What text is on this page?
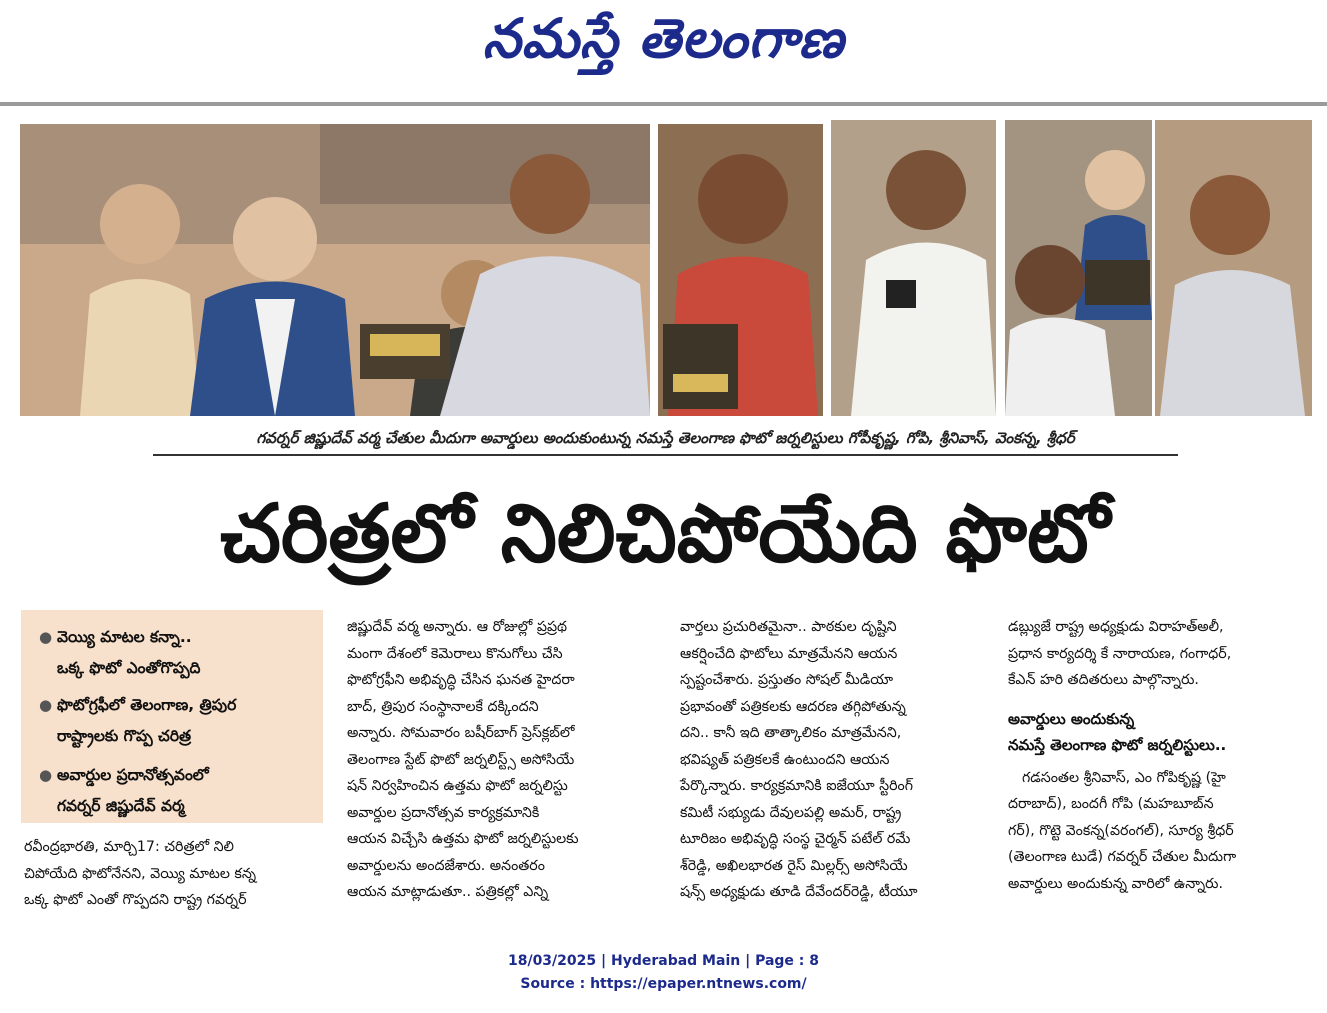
నమస్తే తెలంగాణ
గవర్నర్ జిష్ణుదేవ్ వర్మ చేతుల మీదుగా అవార్డులు అందుకుంటున్న నమస్తే తెలంగాణ ఫొటో జర్నలిస్టులు గోపీకృష్ణ, గోపి, శ్రీనివాస్, వెంకన్న, శ్రీధర్
చరిత్రలో నిలిచిపోయేది ఫొటో
● వెయ్యి మాటల కన్నా..
ఒక్క ఫొటో ఎంతోగొప్పది
● ఫొటోగ్రఫీలో తెలంగాణ, త్రిపుర
రాష్ట్రాలకు గొప్ప చరిత్ర
● అవార్డుల ప్రదానోత్సవంలో
గవర్నర్ జిష్ణుదేవ్ వర్మ

రవీంద్రభారతి, మార్చి17: చరిత్రలో నిలి

చిపోయేది ఫొటోనేనని, వెయ్యి మాటల కన్న

ఒక్క ఫొటో ఎంతో గొప్పదని రాష్ట్ర గవర్నర్

జిష్ణుదేవ్ వర్మ అన్నారు. ఆ రోజుల్లో ప్రప్రథ

మంగా దేశంలో కెమెరాలు కొనుగోలు చేసి

ఫొటోగ్రఫీని అభివృద్ధి చేసిన ఘనత హైదరా

బాద్, త్రిపుర సంస్థానాలకే దక్కిందని

అన్నారు. సోమవారం బషీర్‌బాగ్ ప్రెస్‌క్లబ్‌లో

తెలంగాణ స్టేట్ ఫొటో జర్నలిస్ట్స్ అసోసియే

షన్ నిర్వహించిన ఉత్తమ ఫొటో జర్నలిస్టు

అవార్డుల ప్రదానోత్సవ కార్యక్రమానికి

ఆయన విచ్చేసి ఉత్తమ ఫొటో జర్నలిస్టులకు

అవార్డులను అందజేశారు. అనంతరం

ఆయన మాట్లాడుతూ.. పత్రికల్లో ఎన్ని

వార్తలు ప్రచురితమైనా.. పాఠకుల దృష్టిని

ఆకర్షించేది ఫొటోలు మాత్రమేనని ఆయన

స్పష్టంచేశారు. ప్రస్తుతం సోషల్ మీడియా

ప్రభావంతో పత్రికలకు ఆదరణ తగ్గిపోతున్న

దని.. కానీ ఇది తాత్కాలికం మాత్రమేనని,

భవిష్యత్ పత్రికలకే ఉంటుందని ఆయన

పేర్కొన్నారు. కార్యక్రమానికి ఐజేయూ స్టీరింగ్

కమిటీ సభ్యుడు దేవులపల్లి అమర్, రాష్ట్ర

టూరిజం అభివృద్ధి సంస్థ చైర్మన్ పటేల్ రమే

శ్‌రెడ్డి, అఖిలభారత రైస్ మిల్లర్స్ అసోసియే

షన్స్ అధ్యక్షుడు తూడి దేవేందర్‌రెడ్డి, టీయూ

డబ్ల్యుజే రాష్ట్ర అధ్యక్షుడు విరాహత్‌అలీ,

ప్రధాన కార్యదర్శి కే నారాయణ, గంగాధర్,

కేఎన్ హరి తదితరులు పాల్గొన్నారు.

అవార్డులు అందుకున్న

నమస్తే తెలంగాణ ఫొటో జర్నలిస్టులు..

గడసంతల శ్రీనివాస్, ఎం గోపికృష్ణ (హై

దరాబాద్), బందగీ గోపి (మహబూబ్‌న

గర్), గొట్టె వెంకన్న(వరంగల్), సూర్య శ్రీధర్

(తెలంగాణ టుడే) గవర్నర్ చేతుల మీదుగా

అవార్డులు అందుకున్న వారిలో ఉన్నారు.

18/03/2025 | Hyderabad Main | Page : 8
Source : https://epaper.ntnews.com/
